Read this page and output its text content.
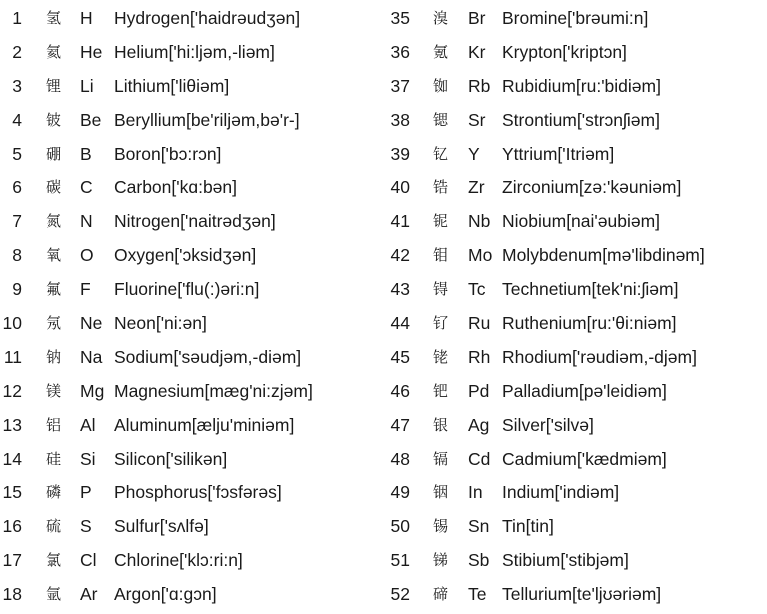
1 氢 H Hydrogen['haidrəudʒən]
2 氦 He Helium['hi:ljəm,-liəm]
3 锂 Li Lithium['liθiəm]
4 铍 Be Beryllium[be'riljəm,bə'r-]
5 硼 B Boron['bɔ:rɔn]
6 碳 C Carbon['kɑ:bən]
7 氮 N Nitrogen['naitrədʒən]
8 氧 O Oxygen['ɔksidʒən]
9 氟 F Fluorine['flu(:)əri:n]
10 氖 Ne Neon['ni:ən]
11 钠 Na Sodium['səudjəm,-diəm]
12 镁 Mg Magnesium[mæg'ni:zjəm]
13 铝 Al Aluminum[ælju'miniəm]
14 硅 Si Silicon['silikən]
15 磷 P Phosphorus['fɔsfərəs]
16 硫 S Sulfur['sʌlfə]
17 氯 Cl Chlorine['klɔ:ri:n]
18 氩 Ar Argon['ɑ:gɔn]
35 溴 Br Bromine['brəumi:n]
36 氪 Kr Krypton['kriptɔn]
37 铷 Rb Rubidium[ru:'bidiəm]
38 锶 Sr Strontium['strɔnʃiəm]
39 钇 Y Yttrium['Itriəm]
40 锆 Zr Zirconium[zə:'kəuniəm]
41 铌 Nb Niobium[nai'əubiəm]
42 钼 Mo Molybdenum[mə'libdinəm]
43 锝 Tc Technetium[tek'ni:ʃiəm]
44 钌 Ru Ruthenium[ru:'θi:niəm]
45 铑 Rh Rhodium['rəudiəm,-djəm]
46 钯 Pd Palladium[pə'leidiəm]
47 银 Ag Silver['silvə]
48 镉 Cd Cadmium['kædmiəm]
49 铟 In Indium['indiəm]
50 锡 Sn Tin[tin]
51 锑 Sb Stibium['stibjəm]
52 碲 Te Tellurium[te'ljʊəriəm]
